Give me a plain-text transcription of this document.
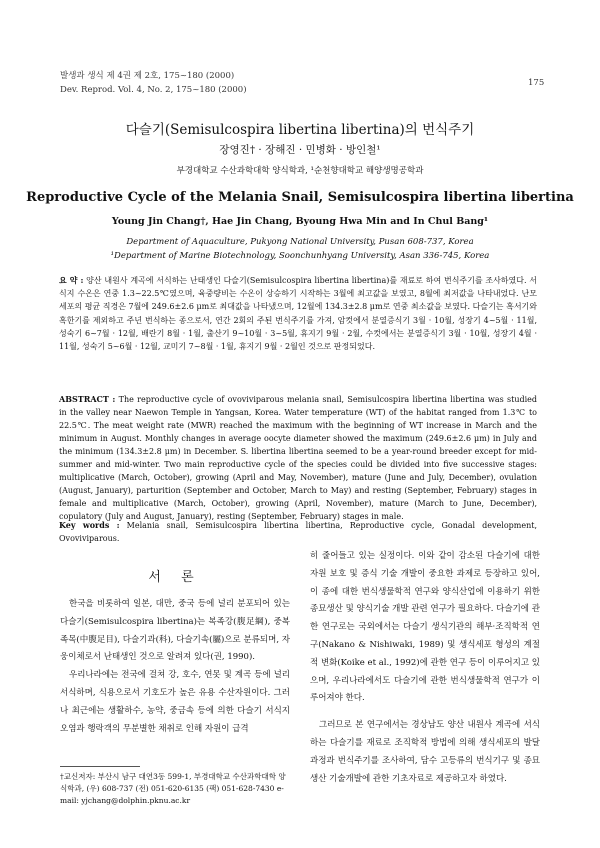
발생과 생식 제 4권 제 2호, 175~180 (2000)
Dev. Reprod. Vol. 4, No. 2, 175~180 (2000)
175
다슬기(Semisulcospira libertina libertina)의 번식주기
장영진† · 장해진 · 민병화 · 방인철¹
부경대학교 수산과학대학 양식학과, ¹순천향대학교 해양생명공학과
Reproductive Cycle of the Melania Snail, Semisulcospira libertina libertina
Young Jin Chang†, Hae Jin Chang, Byoung Hwa Min and In Chul Bang¹
Department of Aquaculture, Pukyong National University, Pusan 608-737, Korea
¹Department of Marine Biotechnology, Soonchunhyang University, Asan 336-745, Korea
요 약 : 양산 내원사 계곡에 서식하는 난태생인 다슬기(Semisulcospira libertina libertina)를 재료로 하여 번식주기를 조사하였다. 서식지 수온은 연중 1.3~22.5℃였으며, 육중량비는 수온이 상승하기 시작하는 3월에 최고값을 보였고, 8월에 최저값을 나타내었다. 난모세포의 평균 직경은 7월에 249.6±2.6 μm로 최대값을 나타냈으며, 12월에 134.3±2.8 μm로 연중 최소값을 보였다. 다슬기는 혹서기와 혹한기를 제외하고 주년 번식하는 종으로서, 연간 2회의 주된 번식주기를 가져, 암컷에서 분열증식기 3월 · 10월, 성장기 4~5월 · 11월, 성숙기 6~7월 · 12월, 배란기 8월 · 1월, 출산기 9~10월 · 3~5월, 휴지기 9월 · 2월, 수컷에서는 분열증식기 3월 · 10월, 성장기 4월 · 11월, 성숙기 5~6월 · 12월, 교미기 7~8월 · 1월, 휴지기 9월 · 2월인 것으로 판정되었다.
ABSTRACT : The reproductive cycle of ovoviviparous melania snail, Semisulcospira libertina libertina was studied in the valley near Naewon Temple in Yangsan, Korea. Water temperature (WT) of the habitat ranged from 1.3℃ to 22.5℃. The meat weight rate (MWR) reached the maximum with the beginning of WT increase in March and the minimum in August. Monthly changes in average oocyte diameter showed the maximum (249.6±2.6 μm) in July and the minimum (134.3±2.8 μm) in December. S. libertina libertina seemed to be a year-round breeder except for mid-summer and mid-winter. Two main reproductive cycle of the species could be divided into five successive stages: multiplicative (March, October), growing (April and May, November), mature (June and July, December), ovulation (August, January), parturition (September and October, March to May) and resting (September, February) stages in female and multiplicative (March, October), growing (April, November), mature (March to June, December), copulatory (July and August, January), resting (September, February) stages in male.
Key words : Melania snail, Semisulcospira libertina libertina, Reproductive cycle, Gonadal development, Ovoviviparous.
서 론

한국을 비롯하여 일본, 대만, 중국 등에 널리 분포되어 있는 다슬기(Semisulcospira libertina)는 복족강(腹足綱), 중복족목(中腹足目), 다슬기과(科), 다슬기속(屬)으로 분류되며, 자웅이체로서 난태생인 것으로 알려져 있다(권, 1990).

우리나라에는 전국에 걸쳐 강, 호수, 연못 및 계곡 등에 널리 서식하며, 식용으로서 기호도가 높은 유용 수산자원이다. 그러나 최근에는 생활하수, 농약, 중금속 등에 의한 다슬기 서식지 오염과 행락객의 무분별한 채취로 인해 자원이 급격

†교신저자: 부산시 남구 대연3동 599-1, 부경대학교 수산과학대학 양식학과, (우) 608-737 (전) 051-620-6135 (팩) 051-628-7430 e-mail: yjchang@dolphin.pknu.ac.kr

히 줄어들고 있는 실정이다. 이와 같이 감소된 다슬기에 대한 자원 보호 및 증식 기술 개발이 중요한 과제로 등장하고 있어, 이 종에 대한 번식생물학적 연구와 양식산업에 이용하기 위한 종묘생산 및 양식기술 개발 관련 연구가 필요하다. 다슬기에 관한 연구로는 국외에서는 다슬기 생식기관의 해부·조직학적 연구(Nakano & Nishiwaki, 1989) 및 생식세포 형성의 계절적 변화(Koike et al., 1992)에 관한 연구 등이 이루어지고 있으며, 우리나라에서도 다슬기에 관한 번식생물학적 연구가 이루어져야 한다.

그러므로 본 연구에서는 경상남도 양산 내원사 계곡에 서식하는 다슬기를 재료로 조직학적 방법에 의해 생식세포의 발달과정과 번식주기를 조사하여, 담수 고등류의 번식기구 및 종묘생산 기술개발에 관한 기초자료로 제공하고자 하였다.
